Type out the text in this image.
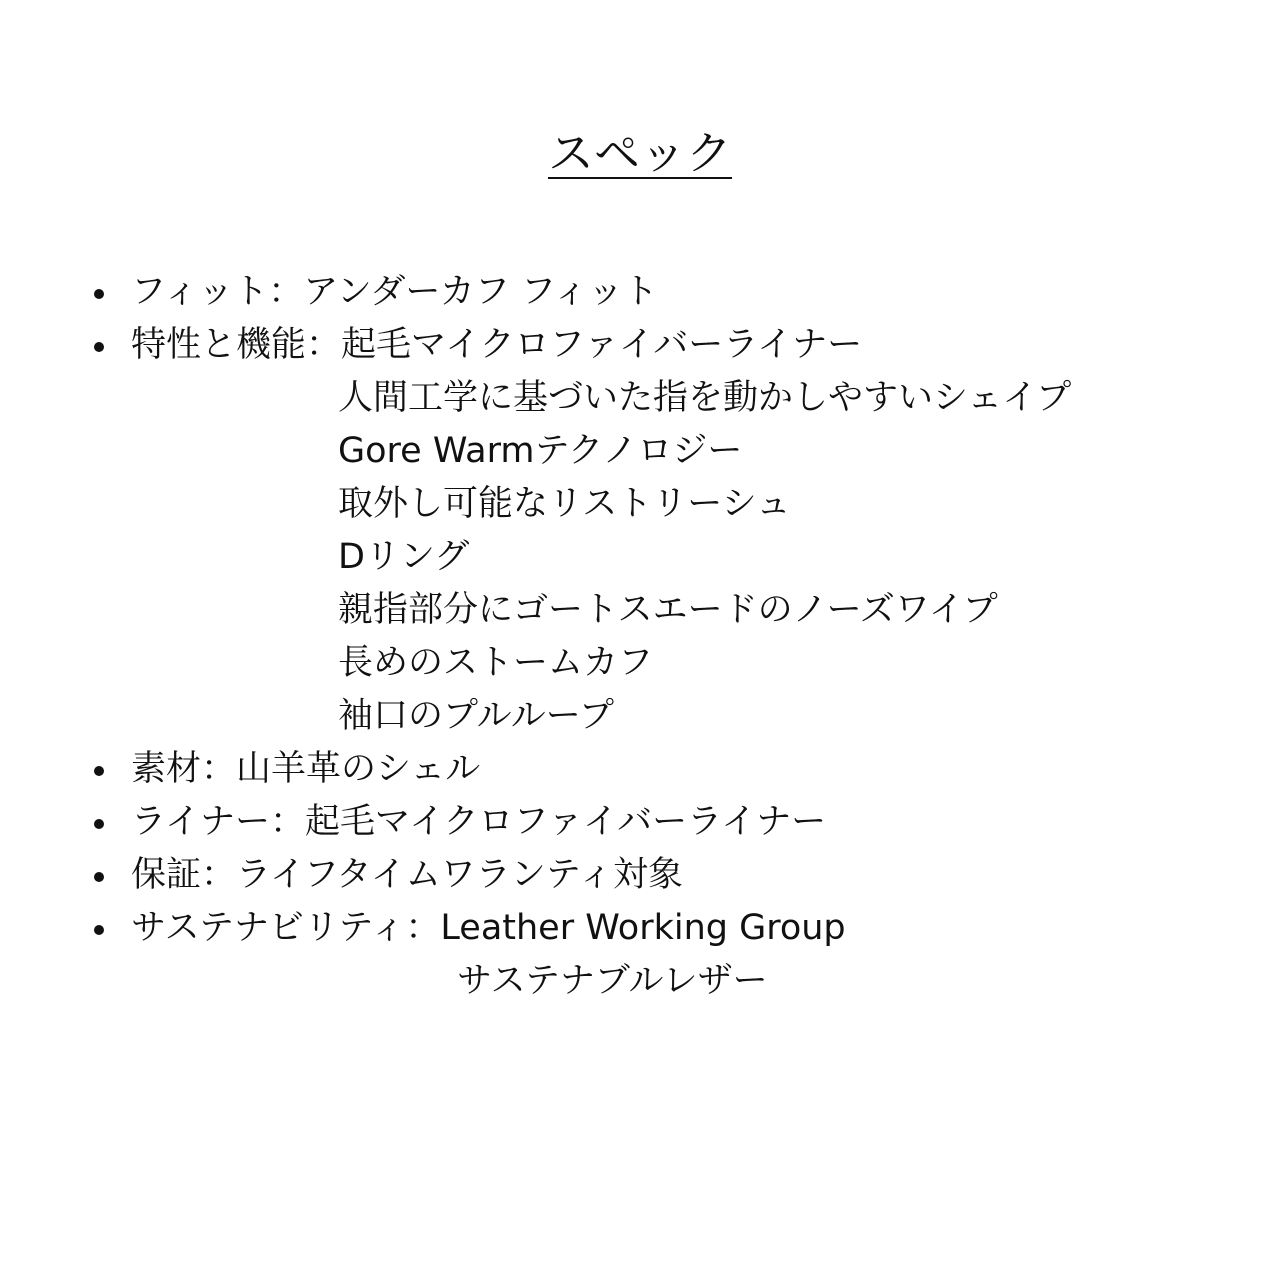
スペック
フィット：アンダーカフ フィット
特性と機能：起毛マイクロファイバーライナー
人間工学に基づいた指を動かしやすいシェイプ
Gore Warmテクノロジー
取外し可能なリストリーシュ
Dリング
親指部分にゴートスエードのノーズワイプ
長めのストームカフ
袖口のプルループ
素材：山羊革のシェル
ライナー：起毛マイクロファイバーライナー
保証：ライフタイムワランティ対象
サステナビリティ：Leather Working Group
サステナブルレザー
